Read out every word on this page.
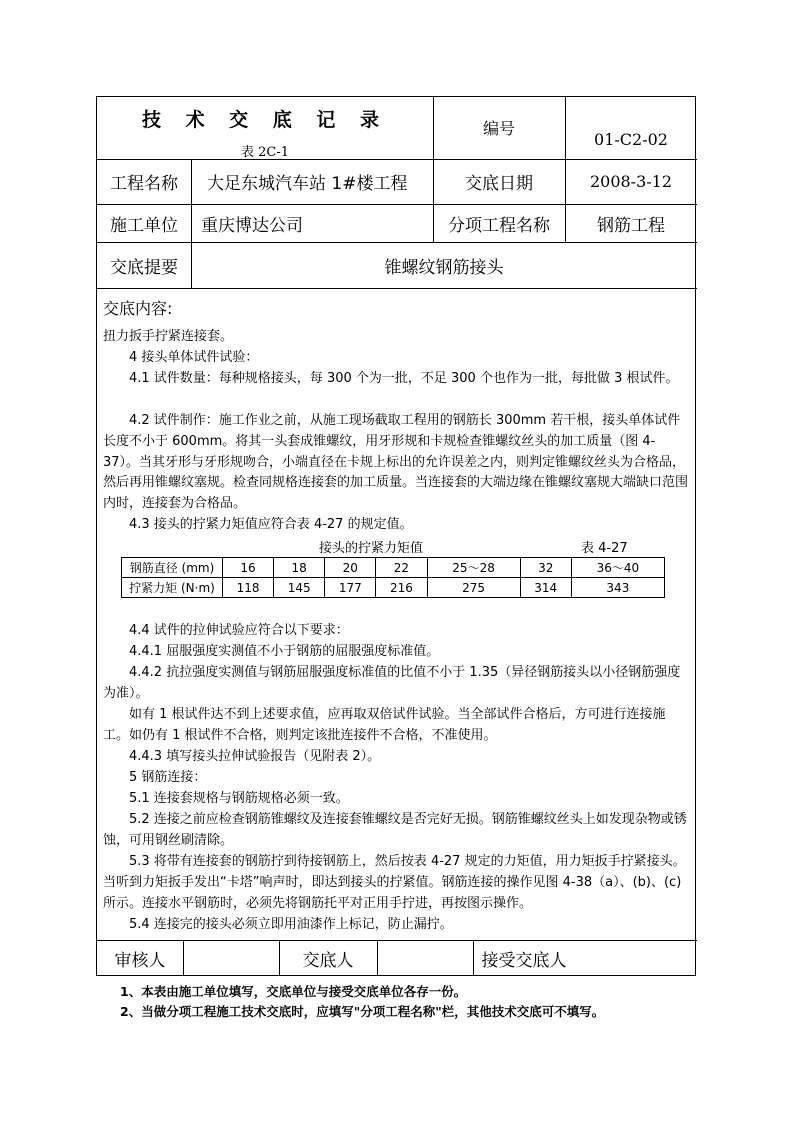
技 术 交 底 记 录
表 2C-1
编号
01-C2-02
工程名称	大足东城汽车站 1#楼工程	交底日期	2008-3-12
施工单位	重庆博达公司	分项工程名称	钢筋工程
交底提要	锥螺纹钢筋接头

交底内容:

扭力扳手拧紧连接套。

4 接头单体试件试验：

4.1 试件数量：每种规格接头，每 300 个为一批，不足 300 个也作为一批，每批做 3 根试件。

4.2 试件制作：施工作业之前，从施工现场截取工程用的钢筋长 300mm 若干根，接头单体试件长度不小于 600mm。将其一头套成锥螺纹，用牙形规和卡规检查锥螺纹丝头的加工质量（图 4-37）。当其牙形与牙形规吻合，小端直径在卡规上标出的允许误差之内，则判定锥螺纹丝头为合格品，然后再用锥螺纹塞规。检查同规格连接套的加工质量。当连接套的大端边缘在锥螺纹塞规大端缺口范围内时，连接套为合格品。

4.3 接头的拧紧力矩值应符合表 4-27 的规定值。

接头的拧紧力矩值	表 4-27
钢筋直径 (mm)	16	18	20	22	25～28	32	36～40
拧紧力矩 (N·m)	118	145	177	216	275	314	343

4.4 试件的拉伸试验应符合以下要求：

4.4.1 屈服强度实测值不小于钢筋的屈服强度标准值。

4.4.2 抗拉强度实测值与钢筋屈服强度标准值的比值不小于 1.35（异径钢筋接头以小径钢筋强度为准）。

如有 1 根试件达不到上述要求值，应再取双倍试件试验。当全部试件合格后，方可进行连接施工。如仍有 1 根试件不合格，则判定该批连接件不合格，不准使用。

4.4.3 填写接头拉伸试验报告（见附表 2）。

5 钢筋连接：

5.1 连接套规格与钢筋规格必须一致。

5.2 连接之前应检查钢筋锥螺纹及连接套锥螺纹是否完好无损。钢筋锥螺纹丝头上如发现杂物或锈蚀，可用钢丝刷清除。

5.3 将带有连接套的钢筋拧到待接钢筋上，然后按表 4-27 规定的力矩值，用力矩扳手拧紧接头。当听到力矩扳手发出“卡塔”响声时，即达到接头的拧紧值。钢筋连接的操作见图 4-38（a）、(b)、(c) 所示。连接水平钢筋时，必须先将钢筋托平对正用手拧进，再按图示操作。

5.4 连接完的接头必须立即用油漆作上标记，防止漏拧。

审核人	交底人	接受交底人
1、本表由施工单位填写，交底单位与接受交底单位各存一份。
2、当做分项工程施工技术交底时，应填写"分项工程名称"栏，其他技术交底可不填写。
